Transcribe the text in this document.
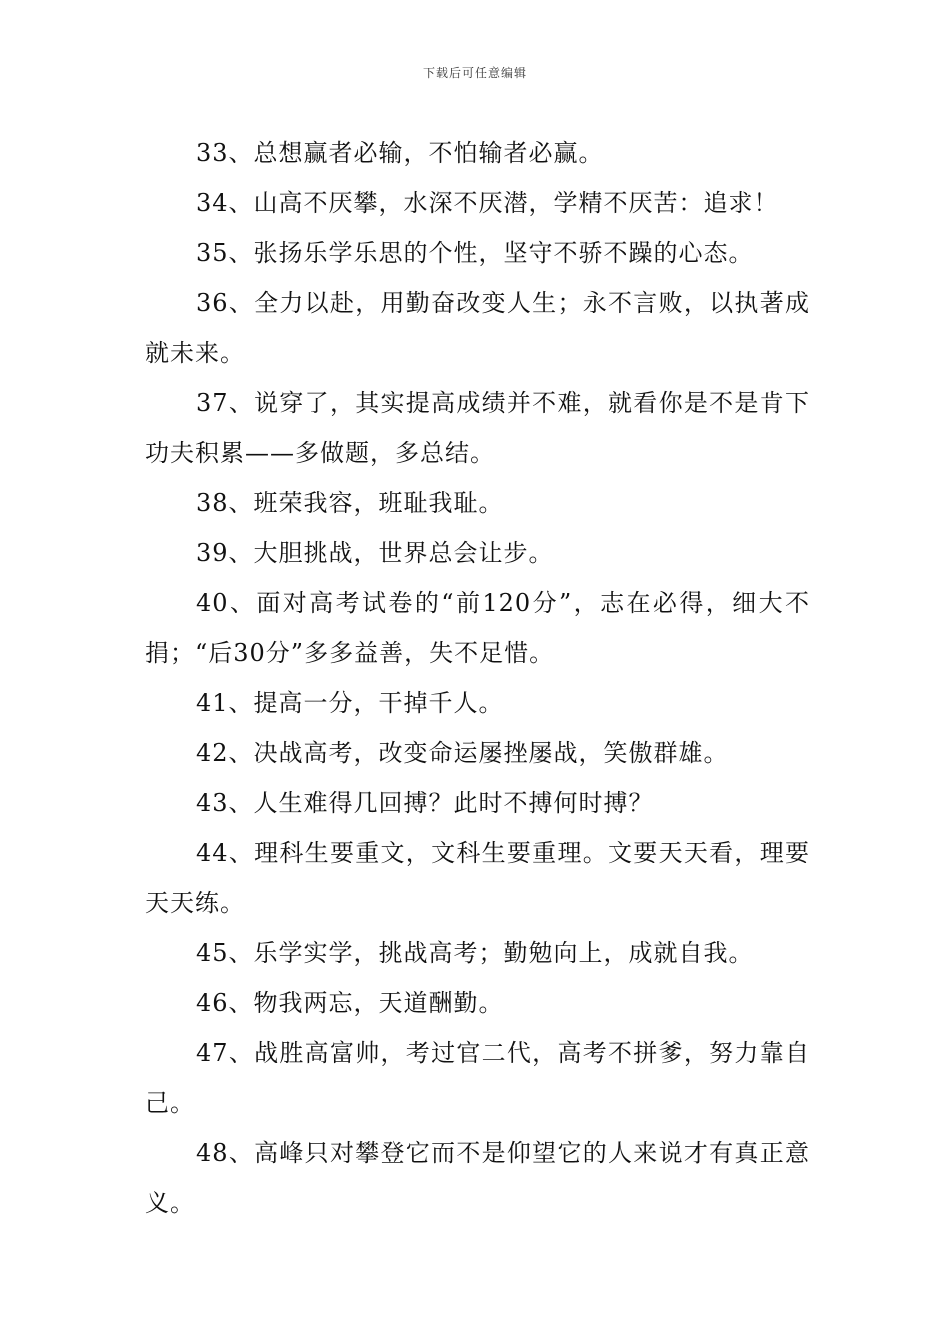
下载后可任意编辑

33、总想赢者必输，不怕输者必赢。

34、山高不厌攀，水深不厌潜，学精不厌苦：追求！

35、张扬乐学乐思的个性，坚守不骄不躁的心态。

36、全力以赴，用勤奋改变人生；永不言败，以执著成就未来。

37、说穿了，其实提高成绩并不难，就看你是不是肯下功夫积累——多做题，多总结。

38、班荣我容，班耻我耻。

39、大胆挑战，世界总会让步。

40、面对高考试卷的“前120分”，志在必得，细大不捐；“后30分”多多益善，失不足惜。

41、提高一分，干掉千人。

42、决战高考，改变命运屡挫屡战，笑傲群雄。

43、人生难得几回搏？此时不搏何时搏？

44、理科生要重文，文科生要重理。文要天天看，理要天天练。

45、乐学实学，挑战高考；勤勉向上，成就自我。

46、物我两忘，天道酬勤。

47、战胜高富帅，考过官二代，高考不拼爹，努力靠自己。

48、高峰只对攀登它而不是仰望它的人来说才有真正意义。
